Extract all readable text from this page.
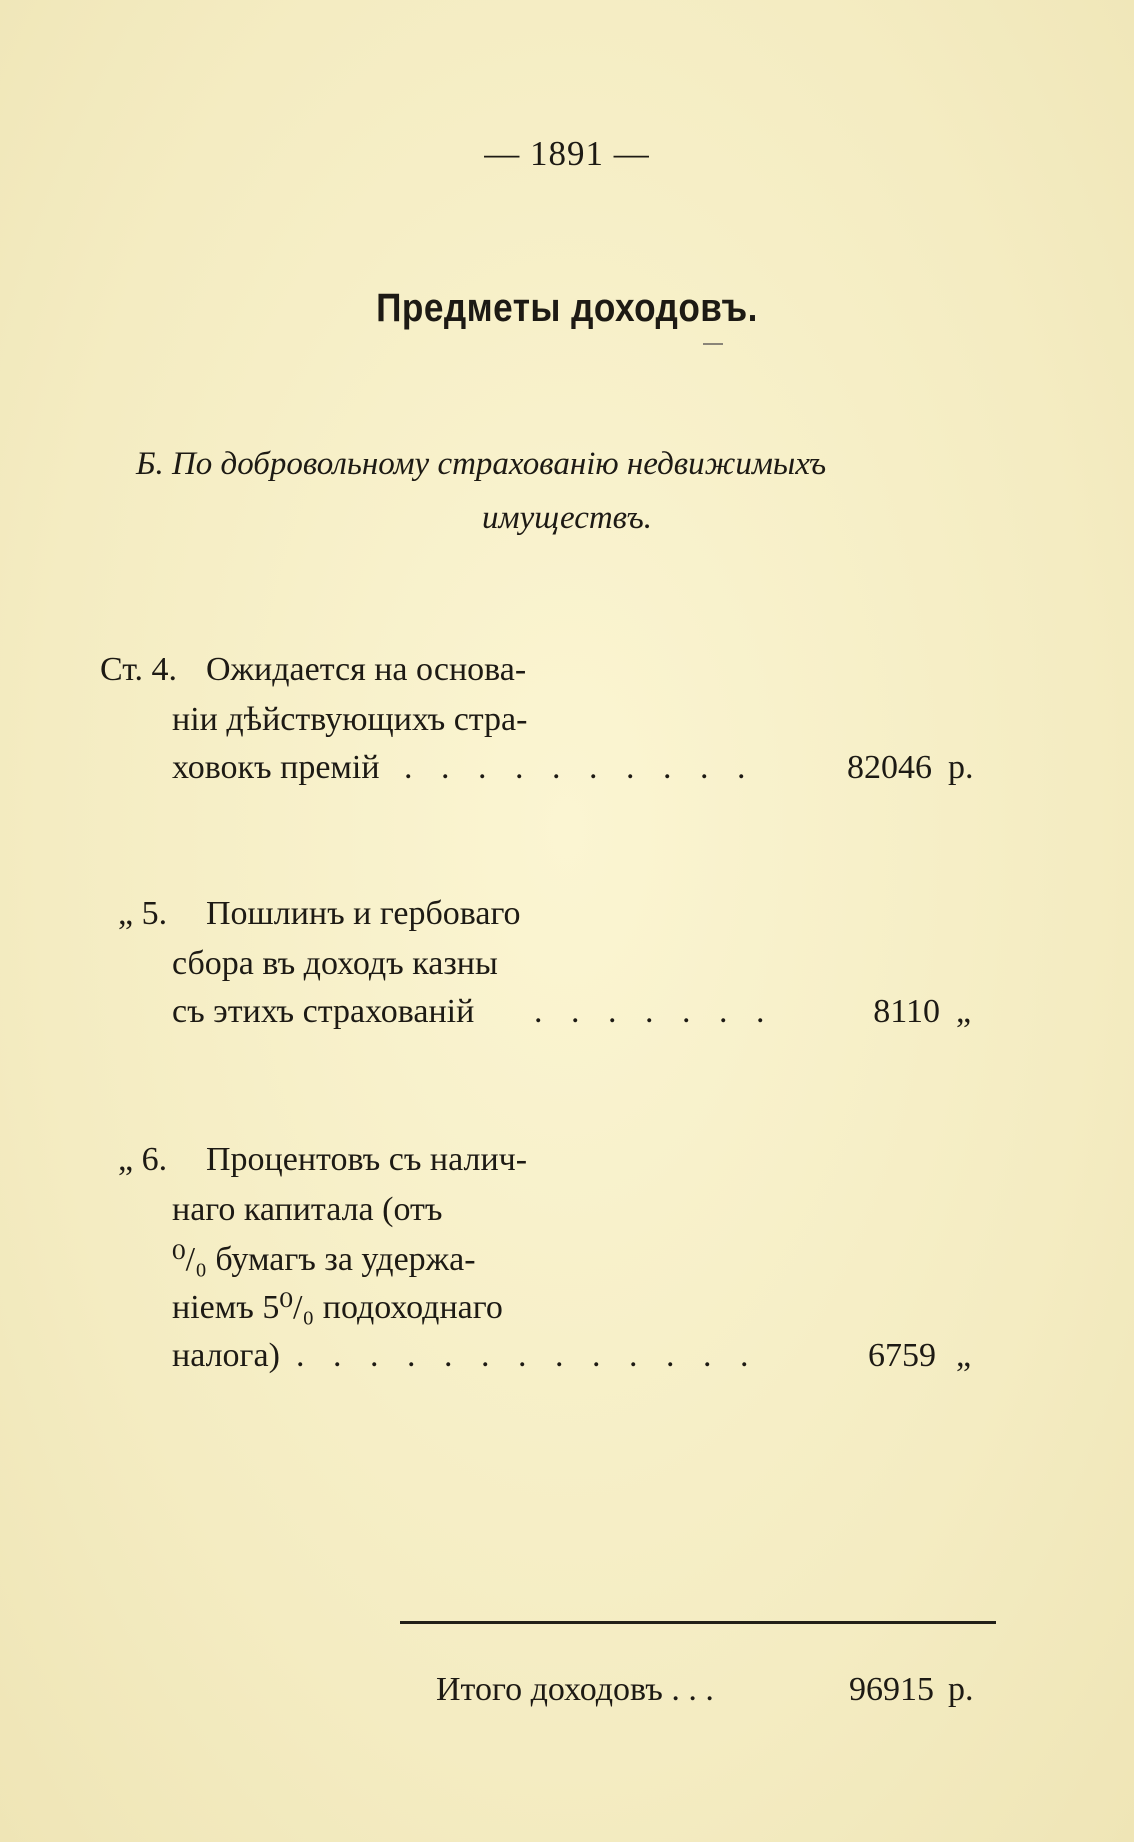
— 1891 —
Предметы доходовъ.
Б. По добровольному страхованiю недвижимыхъ
имуществъ.
Ст. 4. Ожидается на основа-
нiи дѣйствующихъ стра-
ховокъ премiй . . . . . . . . . .	82046 р.
„ 5. Пошлинъ и гербоваго
сбора въ доходъ казны
съ этихъ страхованiй . . . . . . .	8110 „
„ 6. Процентовъ съ налич-
наго капитала (отъ
⁰/₀ бумагъ за удержа-
нiемъ 5⁰/₀ подоходнаго
налога) . . . . . . . . . . . . .	6759 „
Итого доходовъ . . .	96915 р.
